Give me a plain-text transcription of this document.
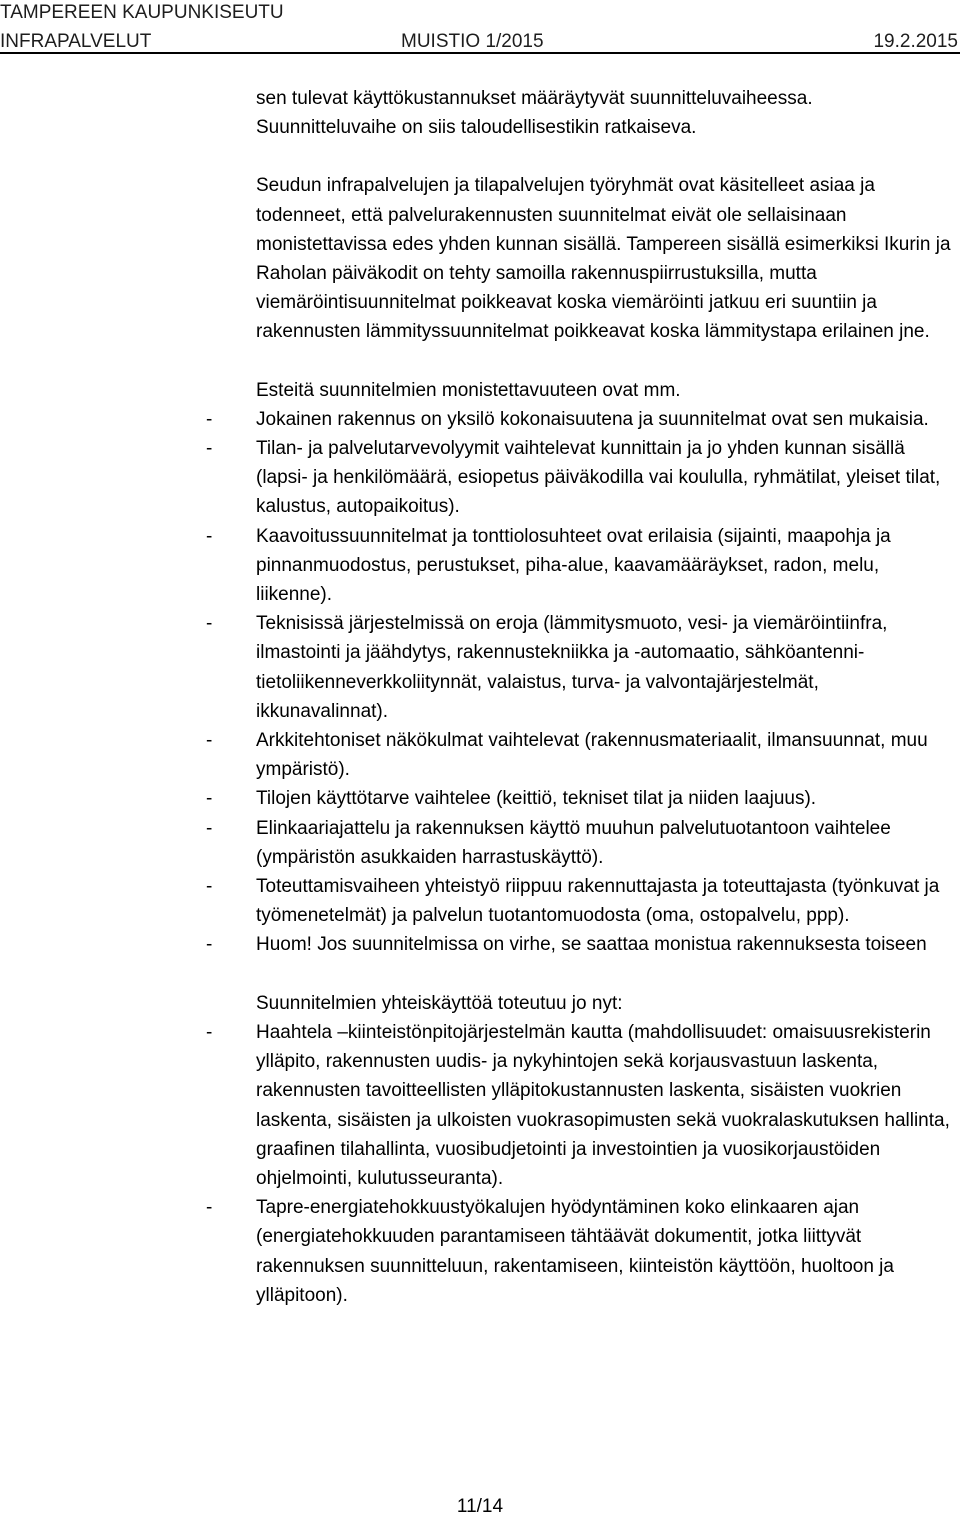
TAMPEREEN KAUPUNKISEUTU
INFRAPALVELUT	MUISTIO 1/2015	19.2.2015

sen tulevat käyttökustannukset määräytyvät suunnitteluvaiheessa. Suunnitteluvaihe on siis taloudellisestikin ratkaiseva.

Seudun infrapalvelujen ja tilapalvelujen työryhmät ovat käsitelleet asiaa ja todenneet, että palvelurakennusten suunnitelmat eivät ole sellaisinaan monistettavissa edes yhden kunnan sisällä. Tampereen sisällä esimerkiksi Ikurin ja Raholan päiväkodit on tehty samoilla rakennuspiirrustuksilla, mutta viemäröintisuunnitelmat poikkeavat koska viemäröinti jatkuu eri suuntiin ja rakennusten lämmityssuunnitelmat poikkeavat koska lämmitystapa erilainen jne.

Esteitä suunnitelmien monistettavuuteen ovat mm.

- Jokainen rakennus on yksilö kokonaisuutena ja suunnitelmat ovat sen mukaisia.
- Tilan- ja palvelutarvevolyymit vaihtelevat kunnittain ja jo yhden kunnan sisällä (lapsi- ja henkilömäärä, esiopetus päiväkodilla vai koululla, ryhmätilat, yleiset tilat, kalustus, autopaikoitus).
- Kaavoitussuunnitelmat ja tonttiolosuhteet ovat erilaisia (sijainti, maapohja ja pinnanmuodostus, perustukset, piha-alue, kaavamääräykset, radon, melu, liikenne).
- Teknisissä järjestelmissä on eroja (lämmitysmuoto, vesi- ja viemäröintiinfra, ilmastointi ja jäähdytys, rakennustekniikka ja -automaatio, sähköantenni-tietoliikenneverkkoliitynnät, valaistus, turva- ja valvontajärjestelmät, ikkunavalinnat).
- Arkkitehtoniset näkökulmat vaihtelevat (rakennusmateriaalit, ilmansuunnat, muu ympäristö).
- Tilojen käyttötarve vaihtelee (keittiö, tekniset tilat ja niiden laajuus).
- Elinkaariajattelu ja rakennuksen käyttö muuhun palvelutuotantoon vaihtelee (ympäristön asukkaiden harrastuskäyttö).
- Toteuttamisvaiheen yhteistyö riippuu rakennuttajasta ja toteuttajasta (työnkuvat ja työmenetelmät) ja palvelun tuotantomuodosta (oma, ostopalvelu, ppp).
- Huom! Jos suunnitelmissa on virhe, se saattaa monistua rakennuksesta toiseen

Suunnitelmien yhteiskäyttöä toteutuu jo nyt:

- Haahtela –kiinteistönpitojärjestelmän kautta (mahdollisuudet: omaisuusrekisterin ylläpito, rakennusten uudis- ja nykyhintojen sekä korjausvastuun laskenta, rakennusten tavoitteellisten ylläpitokustannusten laskenta, sisäisten vuokrien laskenta, sisäisten ja ulkoisten vuokrasopimusten sekä vuokralaskutuksen hallinta, graafinen tilahallinta, vuosibudjetointi ja investointien ja vuosikorjaustöiden ohjelmointi, kulutusseuranta).
- Tapre-energiatehokkuustyökalujen hyödyntäminen koko elinkaaren ajan (energiatehokkuuden parantamiseen tähtäävät dokumentit, jotka liittyvät rakennuksen suunnitteluun, rakentamiseen, kiinteistön käyttöön, huoltoon ja ylläpitoon).
11/14
